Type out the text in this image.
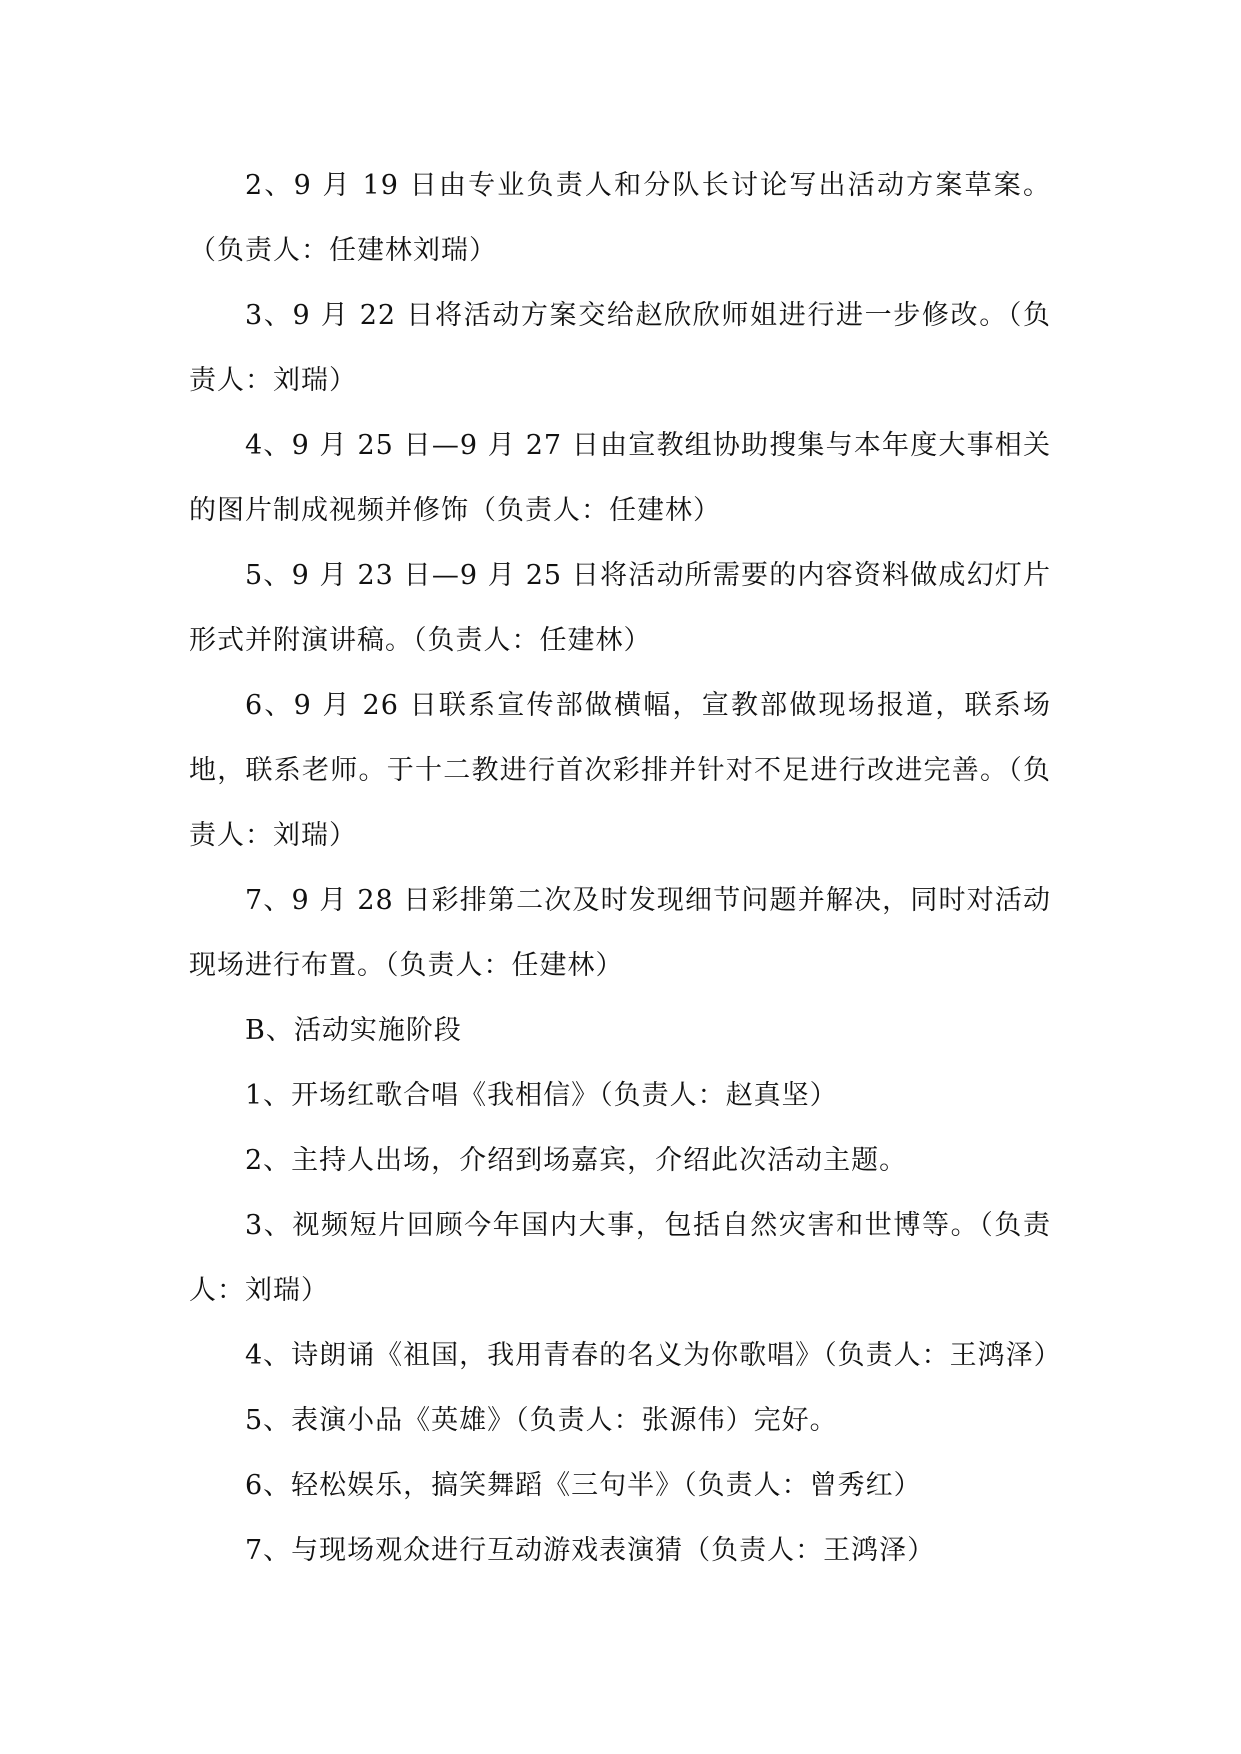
2、9 月 19 日由专业负责人和分队长讨论写出活动方案草案。（负责人：任建林刘瑞）

3、9 月 22 日将活动方案交给赵欣欣师姐进行进一步修改。（负责人：刘瑞）

4、9 月 25 日—9 月 27 日由宣教组协助搜集与本年度大事相关的图片制成视频并修饰（负责人：任建林）

5、9 月 23 日—9 月 25 日将活动所需要的内容资料做成幻灯片形式并附演讲稿。（负责人：任建林）

6、9 月 26 日联系宣传部做横幅，宣教部做现场报道，联系场地，联系老师。于十二教进行首次彩排并针对不足进行改进完善。（负责人：刘瑞）

7、9 月 28 日彩排第二次及时发现细节问题并解决，同时对活动现场进行布置。（负责人：任建林）

B、活动实施阶段

1、开场红歌合唱《我相信》（负责人：赵真坚）

2、主持人出场，介绍到场嘉宾，介绍此次活动主题。

3、视频短片回顾今年国内大事，包括自然灾害和世博等。（负责人：刘瑞）

4、诗朗诵《祖国，我用青春的名义为你歌唱》（负责人：王鸿泽）

5、表演小品《英雄》（负责人：张源伟）完好。

6、轻松娱乐，搞笑舞蹈《三句半》（负责人：曾秀红）

7、与现场观众进行互动游戏表演猜（负责人：王鸿泽）
